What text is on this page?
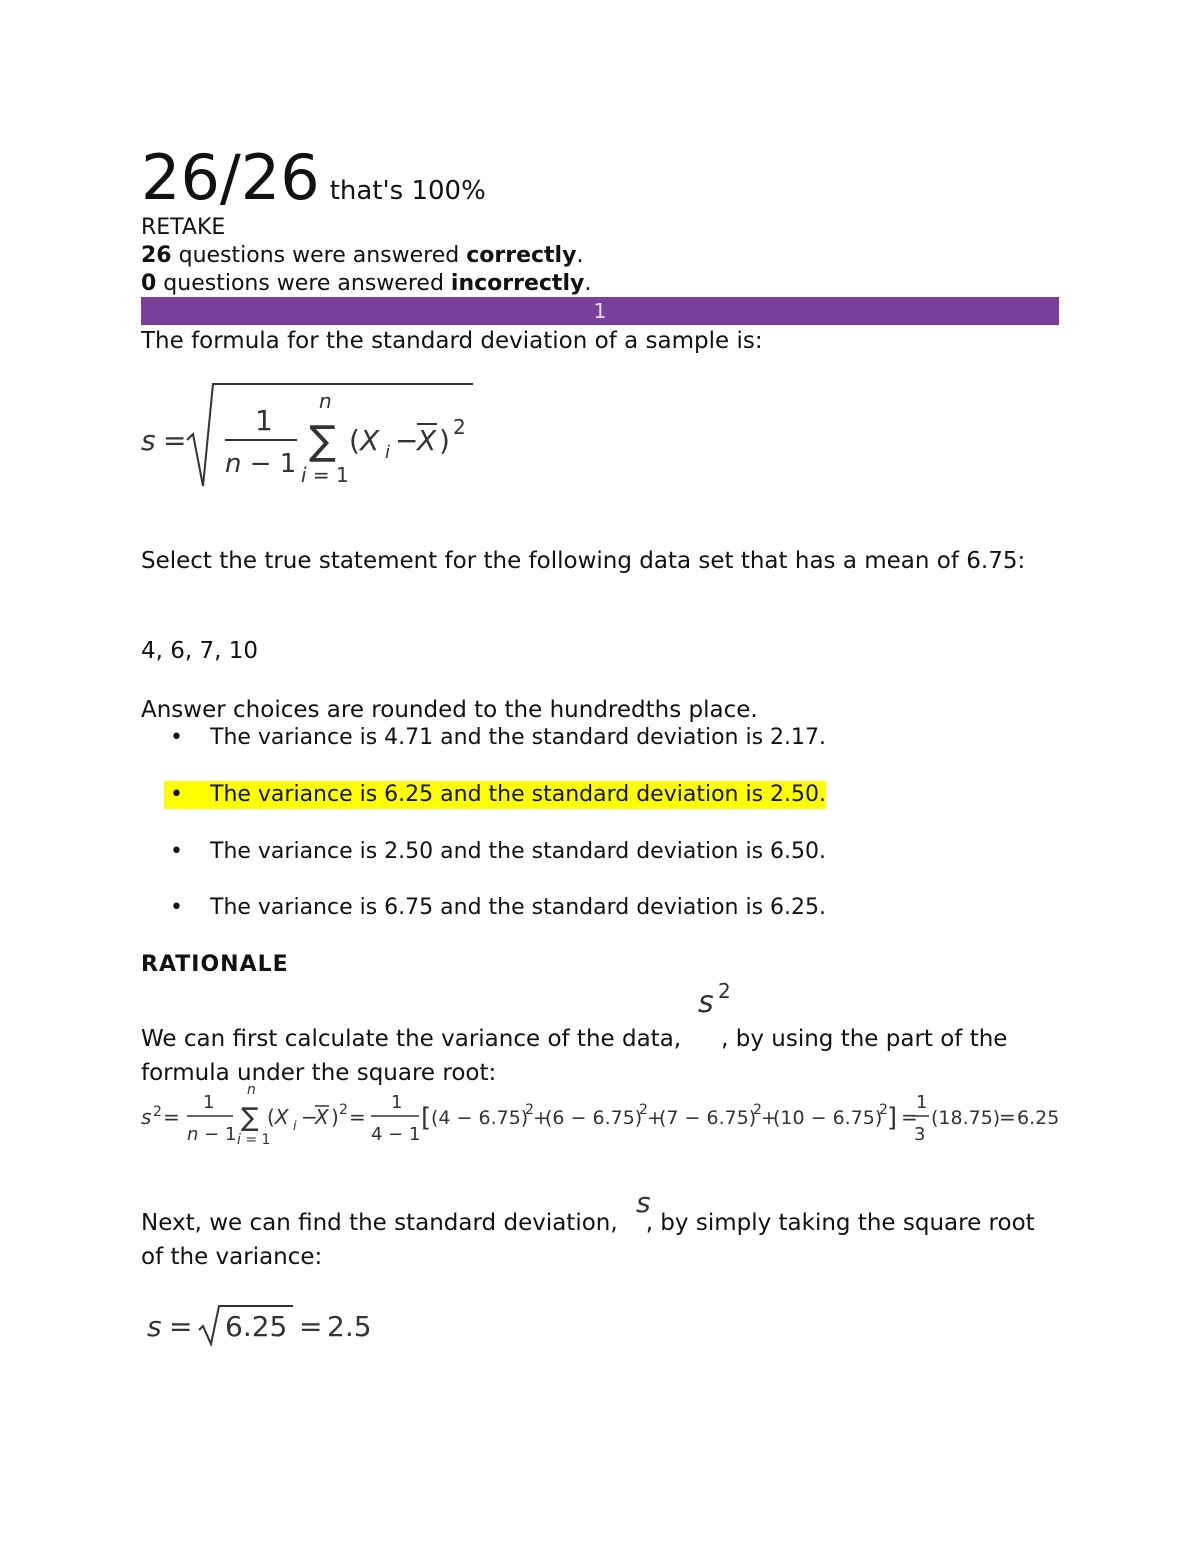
26/26 that's 100%
RETAKE
26 questions were answered correctly.
0 questions were answered incorrectly.
1
The formula for the standard deviation of a sample is:
s =
1
n − 1
n
∑
i = 1
(X i −
X ) 2
Select the true statement for the following data set that has a mean of 6.75:
4, 6, 7, 10
Answer choices are rounded to the hundredths place.
• The variance is 4.71 and the standard deviation is 2.17.
• The variance is 6.25 and the standard deviation is 2.50.
• The variance is 2.50 and the standard deviation is 6.50.
• The variance is 6.75 and the standard deviation is 6.25.
RATIONALE
s 2
We can first calculate the variance of the data, , by using the part of the
formula under the square root:
s 2 =
1
n − 1
n
∑
i = 1
(X i −
X ) 2 =
1
4 − 1
[ (4 − 6.75)
2 +
(6 − 6.75)
2 +
(7 − 6.75)
2 +
(10 − 6.75)
2 ] =
1
3
(18.75)
= 6.25
s
Next, we can find the standard deviation, , by simply taking the square root
of the variance:
s = 6.25 = 2.5
